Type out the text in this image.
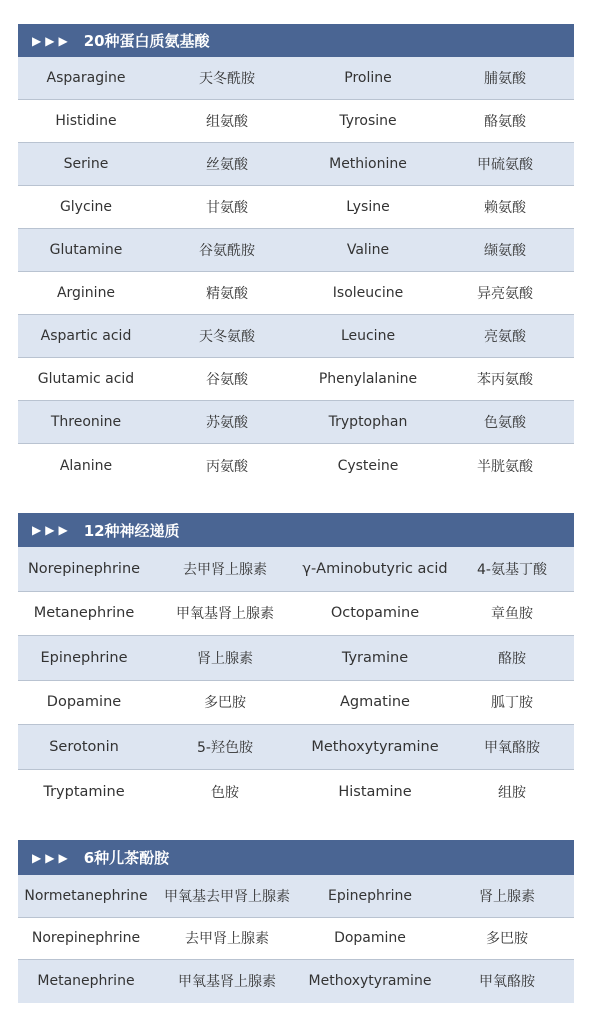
▶▶▶ 20种蛋白质氨基酸
Asparagine	天冬酰胺	Proline	脯氨酸
Histidine	组氨酸	Tyrosine	酪氨酸
Serine	丝氨酸	Methionine	甲硫氨酸
Glycine	甘氨酸	Lysine	赖氨酸
Glutamine	谷氨酰胺	Valine	缬氨酸
Arginine	精氨酸	Isoleucine	异亮氨酸
Aspartic acid	天冬氨酸	Leucine	亮氨酸
Glutamic acid	谷氨酸	Phenylalanine	苯丙氨酸
Threonine	苏氨酸	Tryptophan	色氨酸
Alanine	丙氨酸	Cysteine	半胱氨酸
▶▶▶ 12种神经递质
Norepinephrine	去甲肾上腺素	γ-Aminobutyric acid	4-氨基丁酸
Metanephrine	甲氧基肾上腺素	Octopamine	章鱼胺
Epinephrine	肾上腺素	Tyramine	酪胺
Dopamine	多巴胺	Agmatine	胍丁胺
Serotonin	5-羟色胺	Methoxytyramine	甲氧酪胺
Tryptamine	色胺	Histamine	组胺
▶▶▶ 6种儿茶酚胺
Normetanephrine	甲氧基去甲肾上腺素	Epinephrine	肾上腺素
Norepinephrine	去甲肾上腺素	Dopamine	多巴胺
Metanephrine	甲氧基肾上腺素	Methoxytyramine	甲氧酪胺
